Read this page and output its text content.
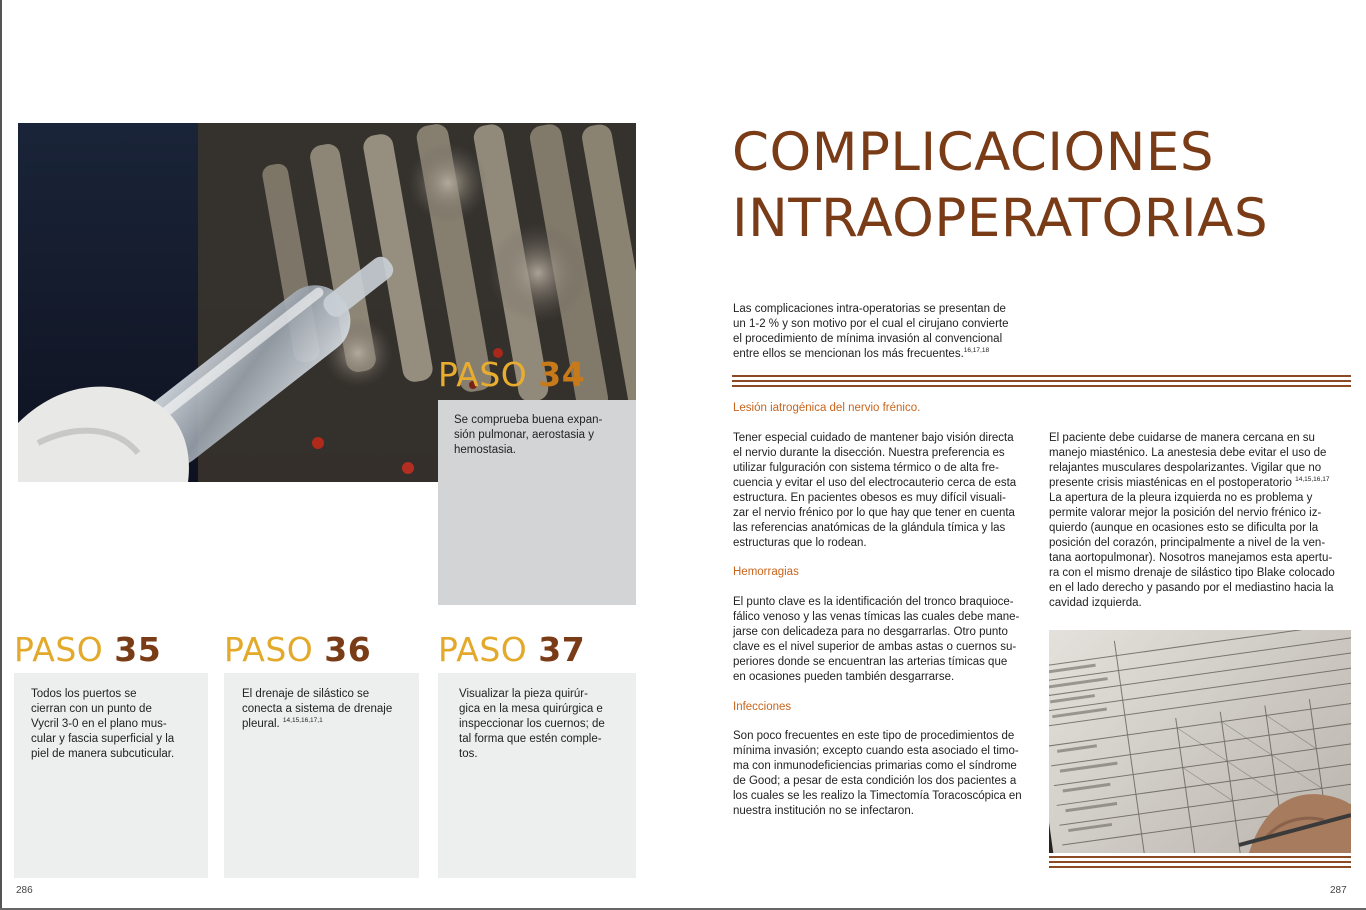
PASO 34
Se comprueba buena expan-
sión pulmonar, aerostasia y
hemostasia.
PASO 35
Todos los puertos se
cierran con un punto de
Vycril 3-0 en el plano mus-
cular y fascia superficial y la
piel de manera subcuticular.
PASO 36
El drenaje de silástico se
conecta a sistema de drenaje
pleural. $^{14,15,16,17,1}$
PASO 37
Visualizar la pieza quirúr-
gica en la mesa quirúrgica e
inspeccionar los cuernos; de
tal forma que estén comple-
tos.
286
COMPLICACIONES
INTRAOPERATORIAS
Las complicaciones intra-operatorias se presentan de
un 1-2 % y son motivo por el cual el cirujano convierte
el procedimiento de mínima invasión al convencional
entre ellos se mencionan los más frecuentes.$^{16,17,18}$
Lesión iatrogénica del nervio frénico.
Tener especial cuidado de mantener bajo visión directa
el nervio durante la disección. Nuestra preferencia es
utilizar fulguración con sistema térmico o de alta fre-
cuencia y evitar el uso del electrocauterio cerca de esta
estructura. En pacientes obesos es muy difícil visuali-
zar el nervio frénico por lo que hay que tener en cuenta
las referencias anatómicas de la glándula tímica y las
estructuras que lo rodean.
Hemorragias
El punto clave es la identificación del tronco braquioce-
fálico venoso y las venas tímicas las cuales debe mane-
jarse con delicadeza para no desgarrarlas. Otro punto
clave es el nivel superior de ambas astas o cuernos su-
periores donde se encuentran las arterias tímicas que
en ocasiones pueden también desgarrarse.
Infecciones
Son poco frecuentes en este tipo de procedimientos de
mínima invasión; excepto cuando esta asociado el timo-
ma con inmunodeficiencias primarias como el síndrome
de Good; a pesar de esta condición los dos pacientes a
los cuales se les realizo la Timectomía Toracoscópica en
nuestra institución no se infectaron.
El paciente debe cuidarse de manera cercana en su
manejo miasténico. La anestesia debe evitar el uso de
relajantes musculares despolarizantes. Vigilar que no
presente crisis miasténicas en el postoperatorio $^{14,15,16,17}$
La apertura de la pleura izquierda no es problema y
permite valorar mejor la posición del nervio frénico iz-
quierdo (aunque en ocasiones esto se dificulta por la
posición del corazón, principalmente a nivel de la ven-
tana aortopulmonar). Nosotros manejamos esta apertu-
ra con el mismo drenaje de silástico tipo Blake colocado
en el lado derecho y pasando por el mediastino hacia la
cavidad izquierda.
287
